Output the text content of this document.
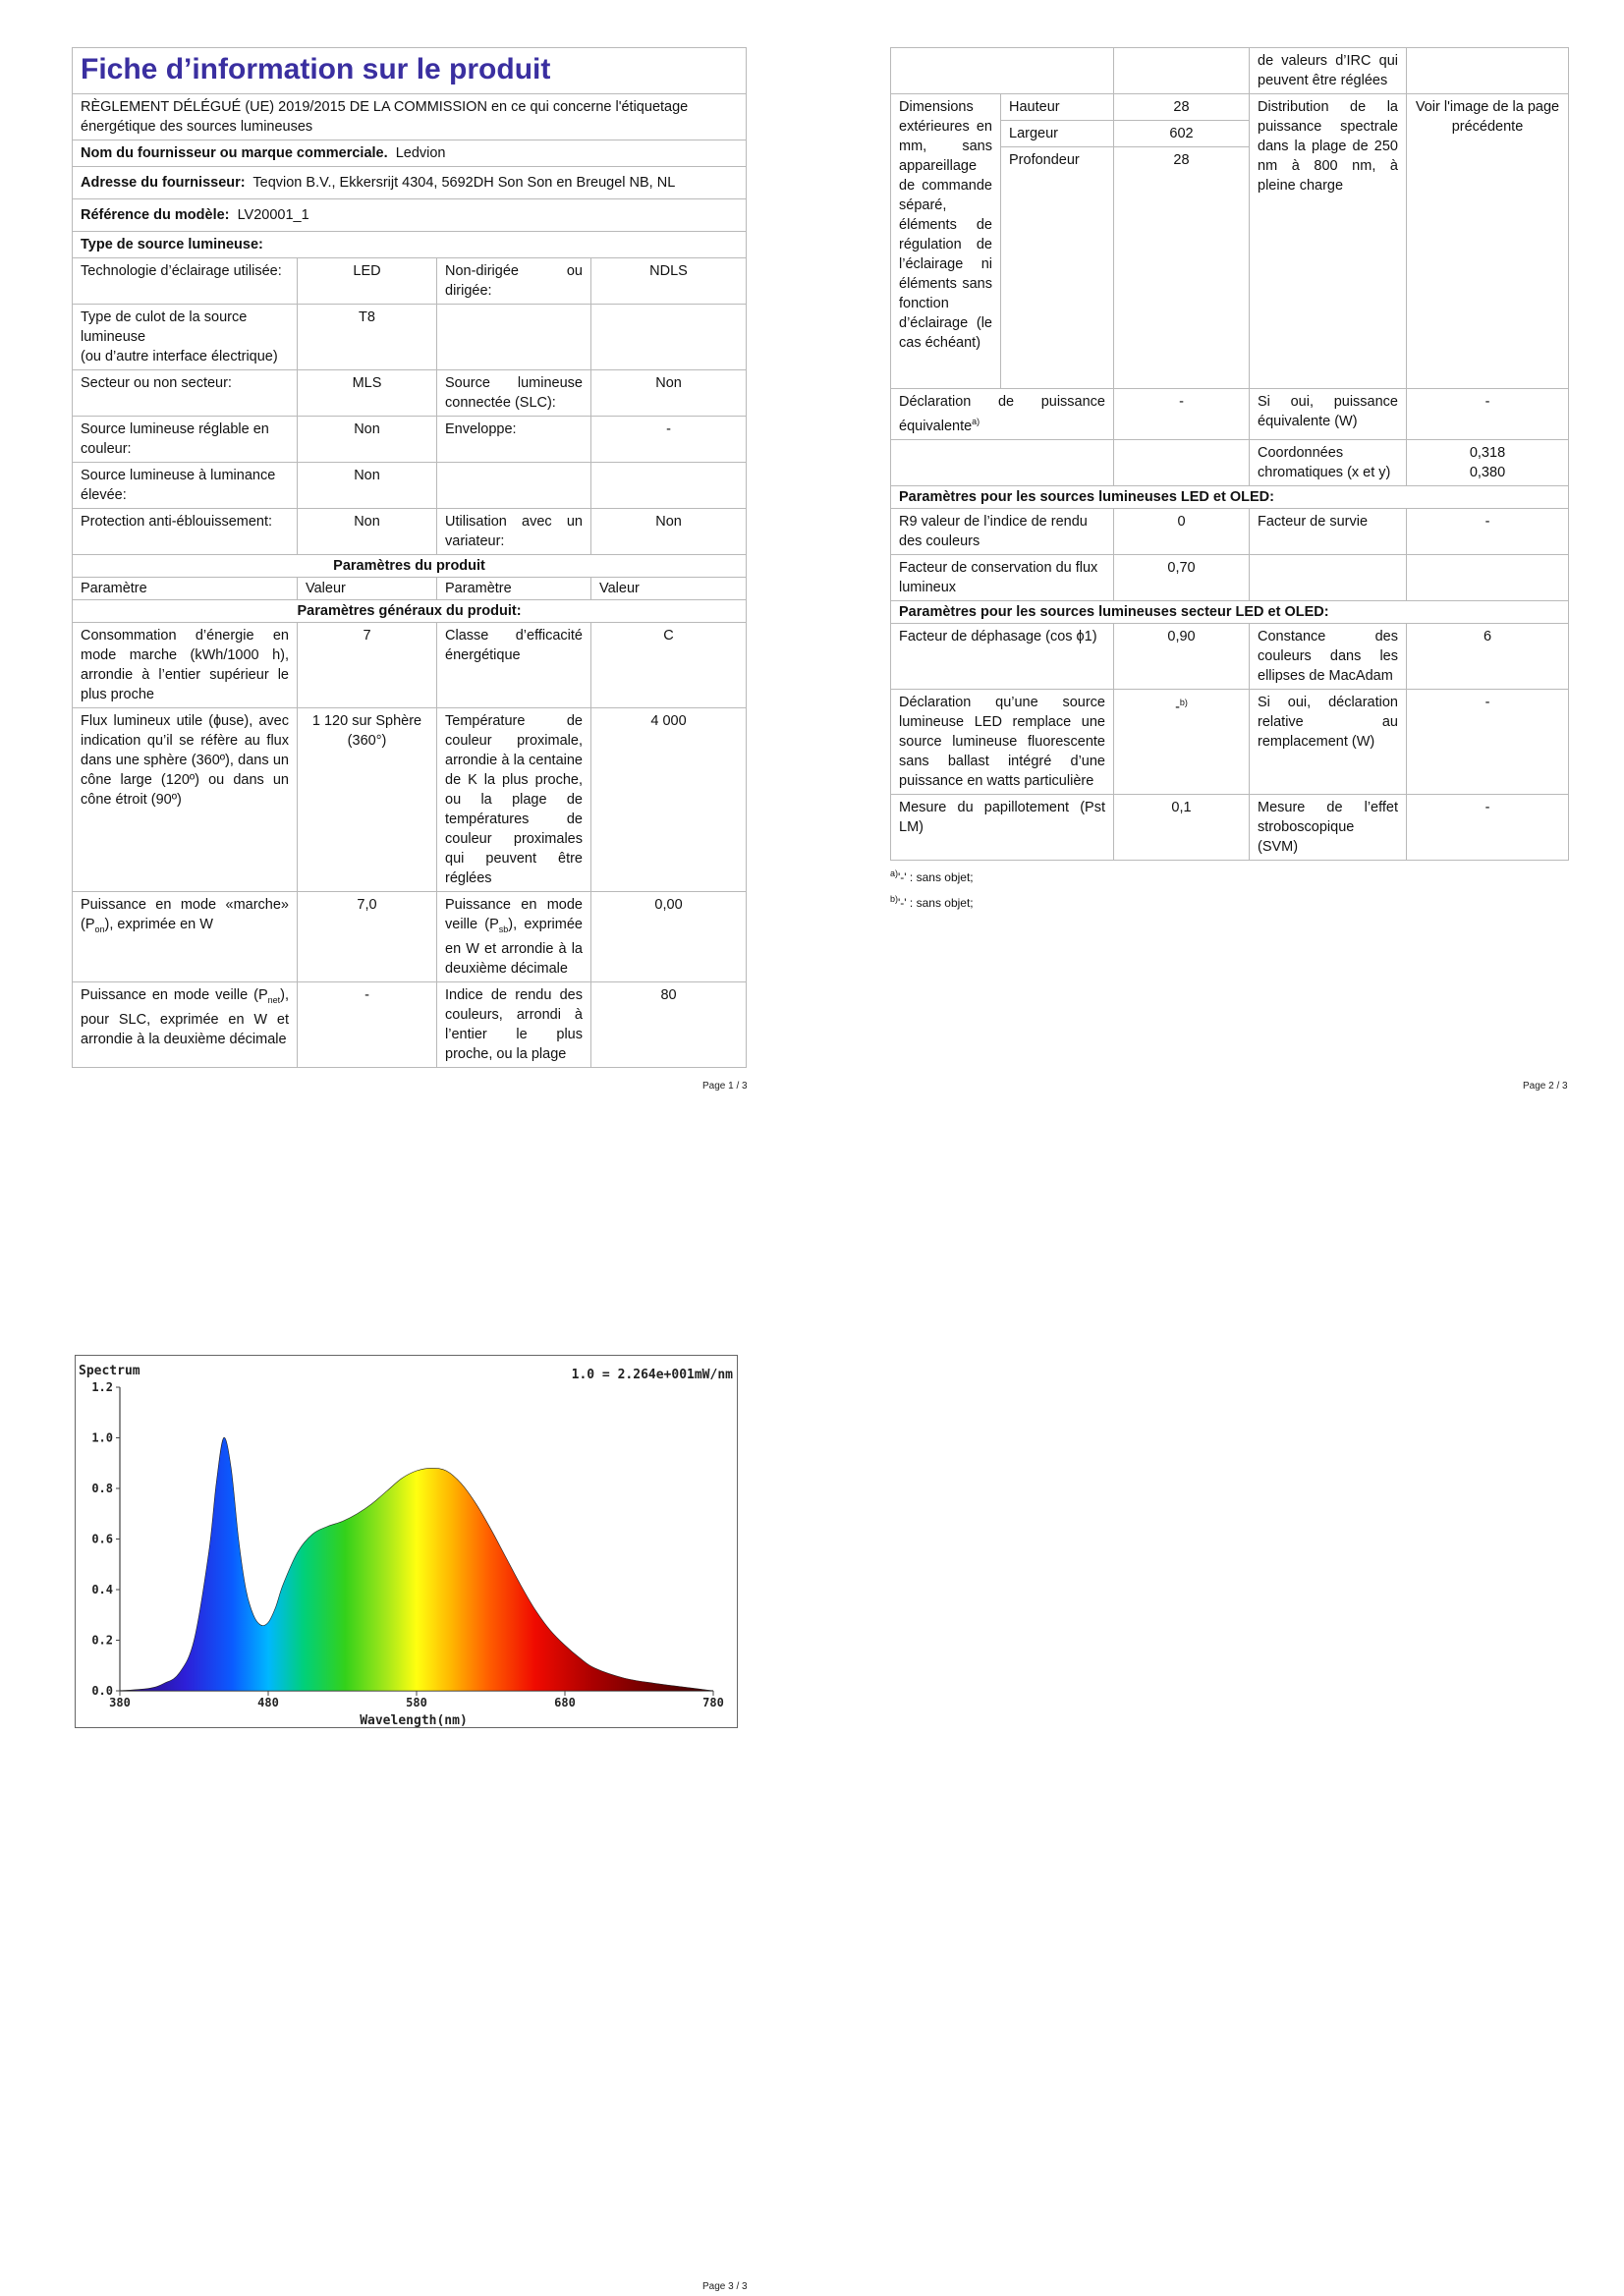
Fiche d’information sur le produit			
RÈGLEMENT DÉLÉGUÉ (UE) 2019/2015 DE LA COMMISSION en ce qui concerne l'étiquetage énergétique des sources lumineuses			
Nom du fournisseur ou marque commerciale. Ledvion			
Adresse du fournisseur: Teqvion B.V., Ekkersrijt 4304, 5692DH Son Son en Breugel NB, NL			
Référence du modèle: LV20001_1			
Type de source lumineuse:			
Technologie d’éclairage utilisée:	LED	Non-dirigée ou dirigée:	NDLS

Type de culot de la source lumineuse
(ou d’autre interface électrique)	T8		
Secteur ou non secteur:	MLS	Source lumineuse connectée (SLC):	Non
Source lumineuse réglable en couleur:	Non	Enveloppe:	-
Source lumineuse à luminance élevée:	Non		
Protection anti-éblouissement:	Non	Utilisation avec un variateur:	Non
Paramètres du produit			
Paramètre	Valeur	Paramètre	Valeur
Paramètres généraux du produit:			
Consommation d’énergie en mode marche (kWh/1000 h), arrondie à l’entier supérieur le plus proche	7	Classe d’efficacité énergétique	C
Flux lumineux utile (ɸuse), avec indication qu’il se réfère au flux dans une sphère (360º), dans un cône large (120º) ou dans un cône étroit (90º)	1 120 sur Sphère (360°)	Température de couleur proximale, arrondie à la centaine de K la plus proche, ou la plage de températures de couleur proximales qui peuvent être réglées	4 000
Puissance en mode «marche» $(P_{on})$, exprimée en W	7,0	Puissance en mode veille $(P_{sb})$, exprimée en W et arrondie à la deuxième décimale	0,00
Puissance en mode veille $(P_{net})$, pour SLC, exprimée en W et arrondie à la deuxième décimale	-	Indice de rendu des couleurs, arrondi à l’entier le plus proche, ou la plage	80
Page 1 / 3
			de valeurs d’IRC qui peuvent être réglées	
Dimensions extérieures en mm, sans appareillage de commande séparé, éléments de régulation de l’éclairage ni éléments sans fonction d’éclairage (le cas échéant)	Hauteur	28	Distribution de la puissance spectrale dans la plage de 250 nm à 800 nm, à pleine charge	Voir l'image de la page précédente
	Largeur	602		
	Profondeur	28		
Déclaration de puissance équivalente$^{a)}$		-	Si oui, puissance équivalente (W)	-
			Coordonnées chromatiques (x et y)	0,318
0,380

Paramètres pour les sources lumineuses LED et OLED:				
R9 valeur de l’indice de rendu des couleurs		0	Facteur de survie	-
Facteur de conservation du flux lumineux		0,70		
Paramètres pour les sources lumineuses secteur LED et OLED:				
Facteur de déphasage (cos ϕ1)		0,90	Constance des couleurs dans les ellipses de MacAdam	6
Déclaration qu’une source lumineuse LED remplace une source lumineuse fluorescente sans ballast intégré d’une puissance en watts particulière		-$^{b)}$	Si oui, déclaration relative au remplacement (W)	-
Mesure du papillotement (Pst LM)		0,1	Mesure de l’effet stroboscopique (SVM)	-
$^{a)}$'-' : sans objet;
$^{b)}$'-' : sans objet;
Page 2 / 3
Spectrum	1.0 = 2.264e+001mW/nm
Wavelength(nm)
380	480	580	680	780
0.0
0.2
0.4
0.6
0.8
1.0
1.2
Page 3 / 3
